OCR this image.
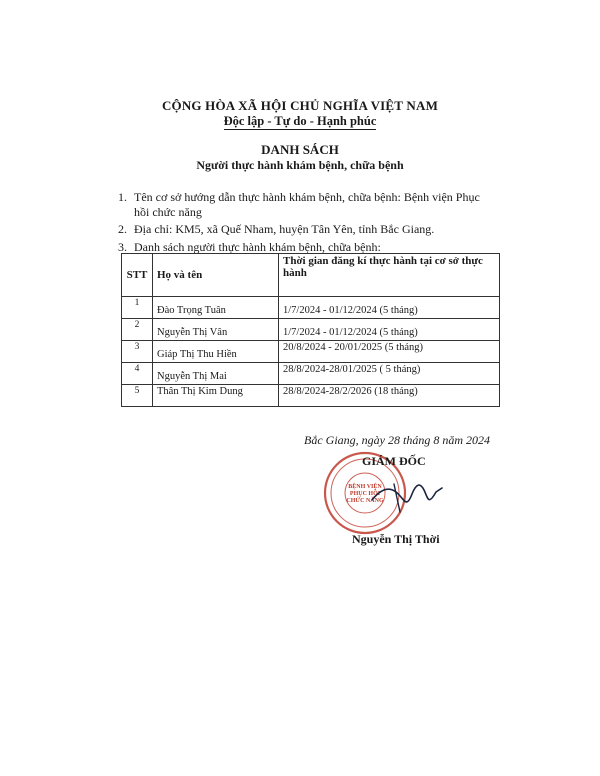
CỘNG HÒA XÃ HỘI CHỦ NGHĨA VIỆT NAM
Độc lập - Tự do - Hạnh phúc
DANH SÁCH
Người thực hành khám bệnh, chữa bệnh
1. Tên cơ sở hướng dẫn thực hành khám bệnh, chữa bệnh: Bệnh viện Phục hồi chức năng
2. Địa chỉ: KM5, xã Quế Nham, huyện Tân Yên, tỉnh Bắc Giang.
3. Danh sách người thực hành khám bệnh, chữa bệnh:
STT	Họ và tên	Thời gian đăng kí thực hành tại cơ sở thực hành
1	Đào Trọng Tuân	1/7/2024 - 01/12/2024 (5 tháng)

2	Nguyễn Thị Vân	1/7/2024 - 01/12/2024 (5 tháng)

3	Giáp Thị Thu Hiền	20/8/2024 - 20/01/2025 (5 tháng)

4	Nguyễn Thị Mai	28/8/2024-28/01/2025 ( 5 tháng)

5	Thân Thị Kim Dung	28/8/2024-28/2/2026 (18 tháng)
Bắc Giang, ngày 28 tháng 8 năm 2024
BỆNH VIỆN
PHỤC HỒI
CHỨC NĂNG
GIÁM ĐỐC
Nguyễn Thị Thời
